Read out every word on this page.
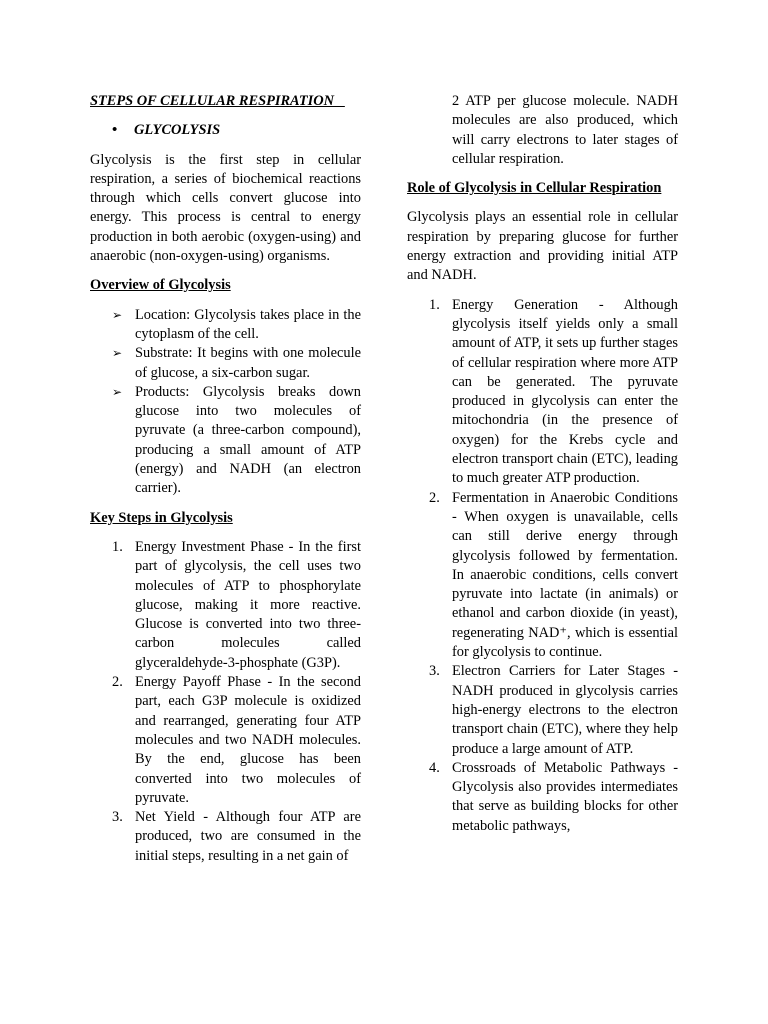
STEPS OF CELLULAR RESPIRATION

•	GLYCOLYSIS

Glycolysis is the first step in cellular respiration, a series of biochemical reactions through which cells convert glucose into energy. This process is central to energy production in both aerobic (oxygen-using) and anaerobic (non-oxygen-using) organisms.

Overview of Glycolysis

➢ Location: Glycolysis takes place in the cytoplasm of the cell.
➢ Substrate: It begins with one molecule of glucose, a six-carbon sugar.
➢ Products: Glycolysis breaks down glucose into two molecules of pyruvate (a three-carbon compound), producing a small amount of ATP (energy) and NADH (an electron carrier).

Key Steps in Glycolysis

1. Energy Investment Phase - In the first part of glycolysis, the cell uses two molecules of ATP to phosphorylate glucose, making it more reactive. Glucose is converted into two three-carbon molecules called glyceraldehyde-3-phosphate (G3P).
2. Energy Payoff Phase - In the second part, each G3P molecule is oxidized and rearranged, generating four ATP molecules and two NADH molecules. By the end, glucose has been converted into two molecules of pyruvate.
3. Net Yield - Although four ATP are produced, two are consumed in the initial steps, resulting in a net gain of

2 ATP per glucose molecule. NADH molecules are also produced, which will carry electrons to later stages of cellular respiration.

Role of Glycolysis in Cellular Respiration

Glycolysis plays an essential role in cellular respiration by preparing glucose for further energy extraction and providing initial ATP and NADH.

1. Energy Generation - Although glycolysis itself yields only a small amount of ATP, it sets up further stages of cellular respiration where more ATP can be generated. The pyruvate produced in glycolysis can enter the mitochondria (in the presence of oxygen) for the Krebs cycle and electron transport chain (ETC), leading to much greater ATP production.
2. Fermentation in Anaerobic Conditions - When oxygen is unavailable, cells can still derive energy through glycolysis followed by fermentation. In anaerobic conditions, cells convert pyruvate into lactate (in animals) or ethanol and carbon dioxide (in yeast), regenerating NAD⁺, which is essential for glycolysis to continue.
3. Electron Carriers for Later Stages - NADH produced in glycolysis carries high-energy electrons to the electron transport chain (ETC), where they help produce a large amount of ATP.
4. Crossroads of Metabolic Pathways - Glycolysis also provides intermediates that serve as building blocks for other metabolic pathways,
